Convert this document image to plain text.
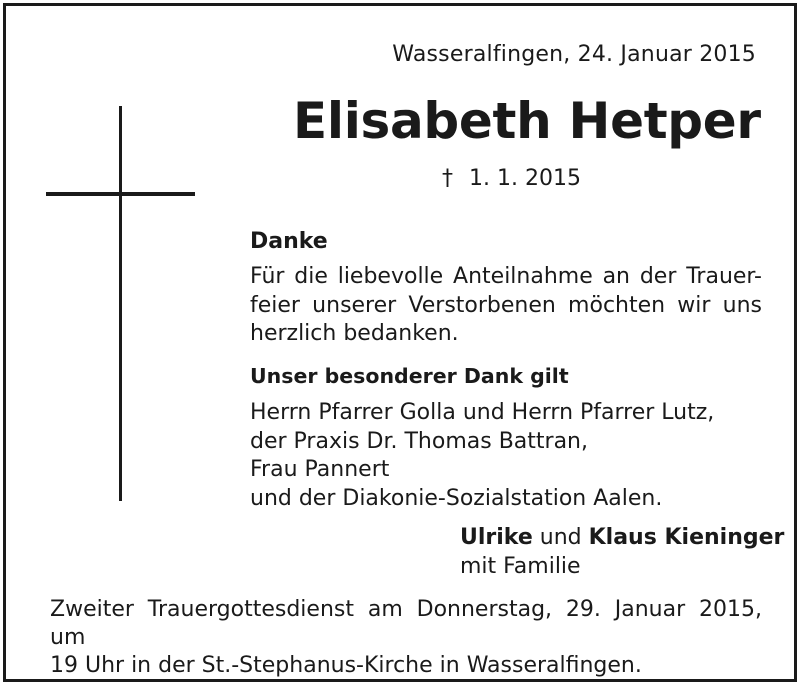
Wasseralfingen, 24. Januar 2015
Elisabeth Hetper
† 1. 1. 2015
Danke
Für die liebevolle Anteilnahme an der Trauer-
feier unserer Verstorbenen möchten wir uns
herzlich bedanken.
Unser besonderer Dank gilt
Herrn Pfarrer Golla und Herrn Pfarrer Lutz,
der Praxis Dr. Thomas Battran,
Frau Pannert
und der Diakonie-Sozialstation Aalen.
Ulrike und Klaus Kieninger
mit Familie
Zweiter Trauergottesdienst am Donnerstag, 29. Januar 2015, um
19 Uhr in der St.-Stephanus-Kirche in Wasseralfingen.
